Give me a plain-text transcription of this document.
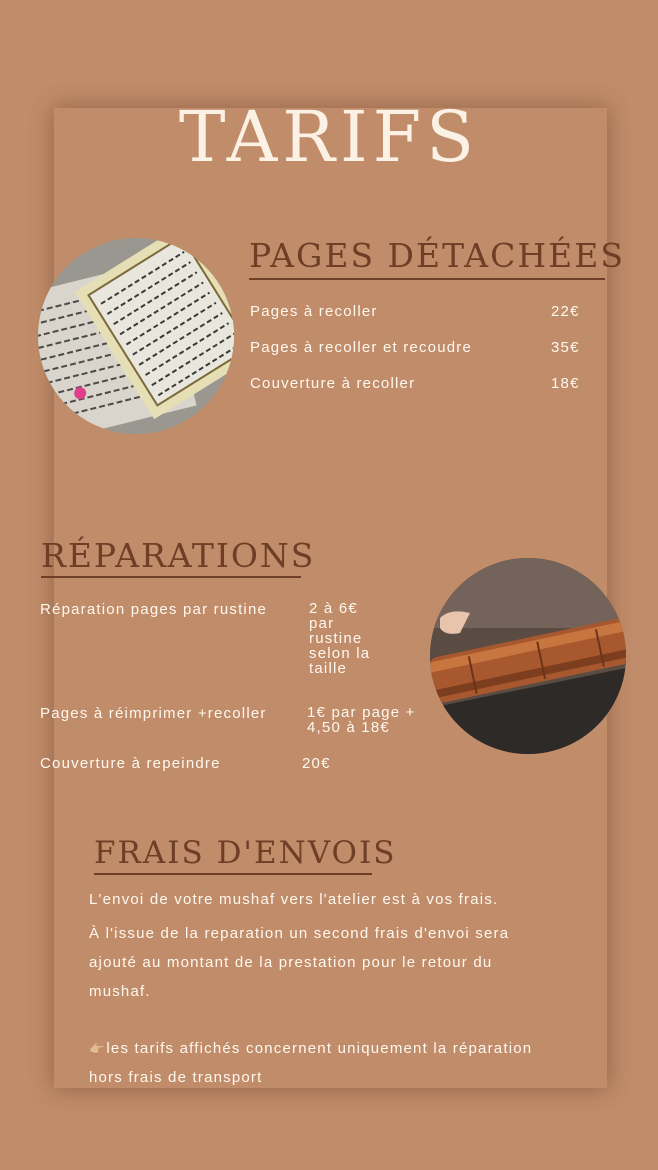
TARIFS
PAGES DÉTACHÉES
Pages à recoller	22€
Pages à recoller et recoudre	35€
Couverture à recoller	18€
RÉPARATIONS
Réparation pages par rustine	2 à 6€
par
rustine
selon la
taille
Pages à réimprimer +recoller	1€ par page +
4,50 à 18€
Couverture à repeindre	20€
FRAIS D'ENVOIS
L'envoi de votre mushaf vers l'atelier est à vos frais.
À l'issue de la reparation un second frais d'envoi sera
ajouté au montant de la prestation pour le retour du
mushaf.
👉🏼les tarifs affichés concernent uniquement la réparation
hors frais de transport
